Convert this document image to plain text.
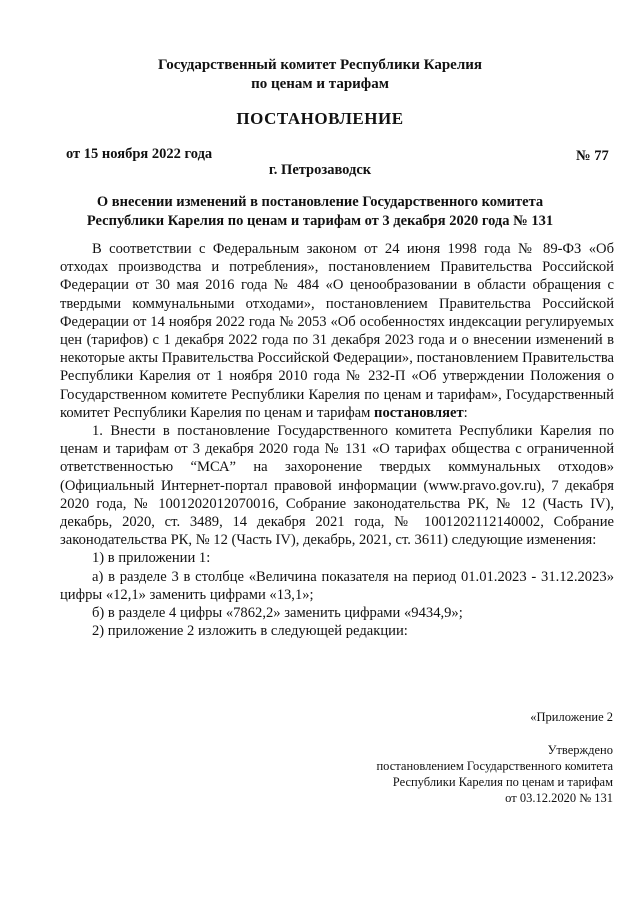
Государственный комитет Республики Карелия
по ценам и тарифам
ПОСТАНОВЛЕНИЕ
от 15 ноября 2022 года	№ 77
г. Петрозаводск
О внесении изменений в постановление Государственного комитета
Республики Карелия по ценам и тарифам от 3 декабря 2020 года № 131

В соответствии с Федеральным законом от 24 июня 1998 года № 89-ФЗ «Об отходах производства и потребления», постановлением Правительства Российской Федерации от 30 мая 2016 года № 484 «О ценообразовании в области обращения с твердыми коммунальными отходами», постановлением Правительства Российской Федерации от 14 ноября 2022 года № 2053 «Об особенностях индексации регулируемых цен (тарифов) с 1 декабря 2022 года по 31 декабря 2023 года и о внесении изменений в некоторые акты Правительства Российской Федерации», постановлением Правительства Республики Карелия от 1 ноября 2010 года № 232-П «Об утверждении Положения о Государственном комитете Республики Карелия по ценам и тарифам», Государственный комитет Республики Карелия по ценам и тарифам постановляет:

1. Внести в постановление Государственного комитета Республики Карелия по ценам и тарифам от 3 декабря 2020 года № 131 «О тарифах общества с ограниченной ответственностью “МСА” на захоронение твердых коммунальных отходов» (Официальный Интернет-портал правовой информации (www.pravo.gov.ru), 7 декабря 2020 года, № 1001202012070016, Собрание законодательства РК, № 12 (Часть IV), декабрь, 2020, ст. 3489, 14 декабря 2021 года, № 1001202112140002, Собрание законодательства РК, № 12 (Часть IV), декабрь, 2021, ст. 3611) следующие изменения:

1) в приложении 1:

а) в разделе 3 в столбце «Величина показателя на период 01.01.2023 - 31.12.2023» цифры «12,1» заменить цифрами «13,1»;

б) в разделе 4 цифры «7862,2» заменить цифрами «9434,9»;

2) приложение 2 изложить в следующей редакции:

«Приложение 2
Утверждено
постановлением Государственного комитета
Республики Карелия по ценам и тарифам
от 03.12.2020 № 131
